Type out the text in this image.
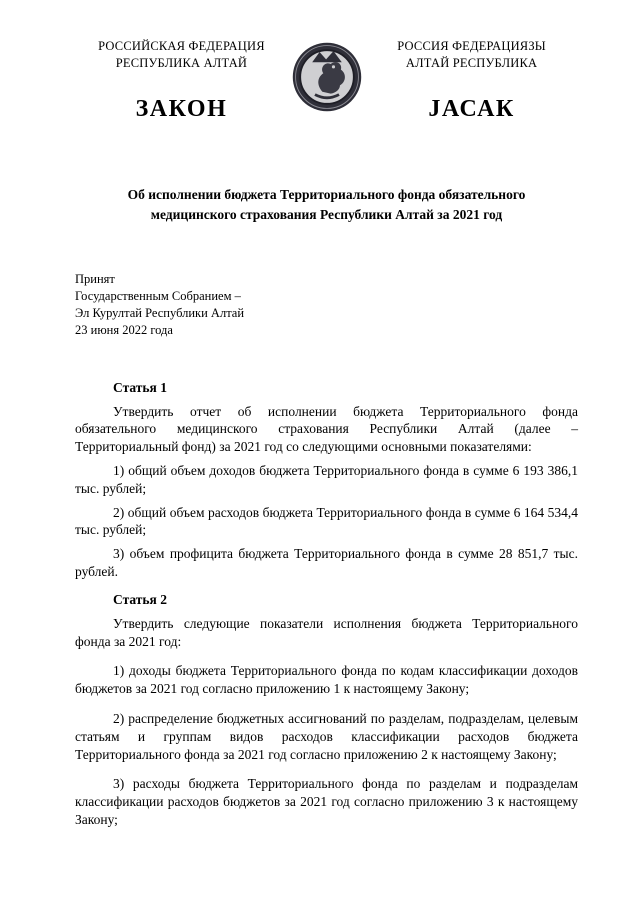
РОССИЙСКАЯ ФЕДЕРАЦИЯ
РЕСПУБЛИКА АЛТАЙ
ЗАКОН
РОССИЯ ФЕДЕРАЦИЯЗЫ
АЛТАЙ РЕСПУБЛИКА
JАСАК
Об исполнении бюджета Территориального фонда обязательного медицинского страхования Республики Алтай за 2021 год
Принят
Государственным Собранием –
Эл Курултай Республики Алтай
23 июня 2022 года
Статья 1

Утвердить отчет об исполнении бюджета Территориального фонда обязательного медицинского страхования Республики Алтай (далее – Территориальный фонд) за 2021 год со следующими основными показателями:

1) общий объем доходов бюджета Территориального фонда в сумме 6 193 386,1 тыс. рублей;

2) общий объем расходов бюджета Территориального фонда в сумме 6 164 534,4 тыс. рублей;

3) объем профицита бюджета Территориального фонда в сумме 28 851,7 тыс. рублей.

Статья 2

Утвердить следующие показатели исполнения бюджета Территориального фонда за 2021 год:

1) доходы бюджета Территориального фонда по кодам классификации доходов бюджетов за 2021 год согласно приложению 1 к настоящему Закону;

2) распределение бюджетных ассигнований по разделам, подразделам, целевым статьям и группам видов расходов классификации расходов бюджета Территориального фонда за 2021 год согласно приложению 2 к настоящему Закону;

3) расходы бюджета Территориального фонда по разделам и подразделам классификации расходов бюджетов за 2021 год согласно приложению 3 к настоящему Закону;
